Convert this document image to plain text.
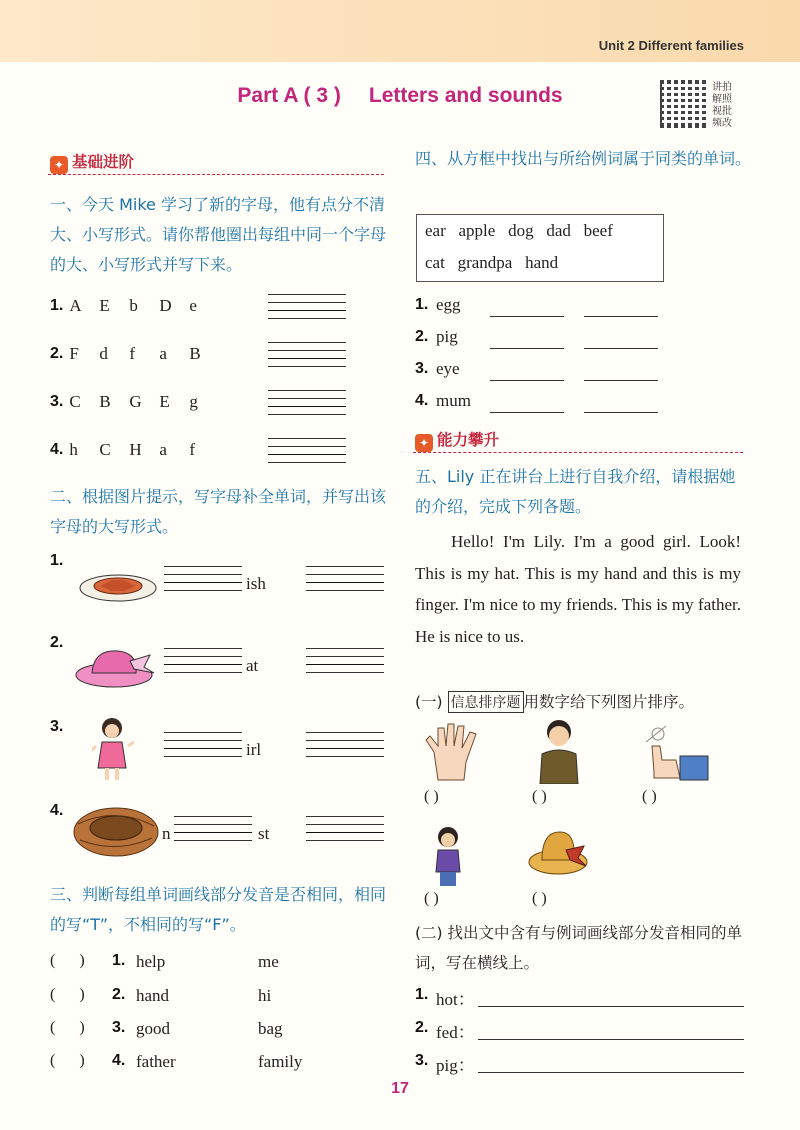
Unit 2 Different families
Part A ( 3 ) Letters and sounds	讲拍
解照
视批
频改
✦ 基础进阶
一、今天 Mike 学习了新的字母，他有点分不清大、小写形式。请你帮他圈出每组中同一个字母的大、小写形式并写下来。
二、根据图片提示，写字母补全单词，并写出该字母的大写形式。
三、判断每组单词画线部分发音是否相同，相同的写“T”，不相同的写“F”。
四、从方框中找出与所给例词属于同类的单词。
ear   apple   dog   dad   beef
cat   grandpa   hand
✦ 能力攀升
五、Lily 正在讲台上进行自我介绍，请根据她的介绍，完成下列各题。
Hello! I'm Lily. I'm a good girl. Look! This is my hat. This is my hand and this is my finger. I'm nice to my friends. This is my father. He is nice to us.
(一) 信息排序题 用数字给下列图片排序。
( )	( )	( )
( )	( )
(二) 找出文中含有与例词画线部分发音相同的单词，写在横线上。
17
1. A E b D e
2. F d f a B
3. C B G E g
4. h C H a f
1.
ish
2.
at
3.
irl
4.
n	st
(      ) 1. help	me
(      ) 2. hand	hi
(      ) 3. good	bag
(      ) 4. father	family
1. egg
2. pig
3. eye
4. mum
1. hot：
2. fed：
3. pig：
